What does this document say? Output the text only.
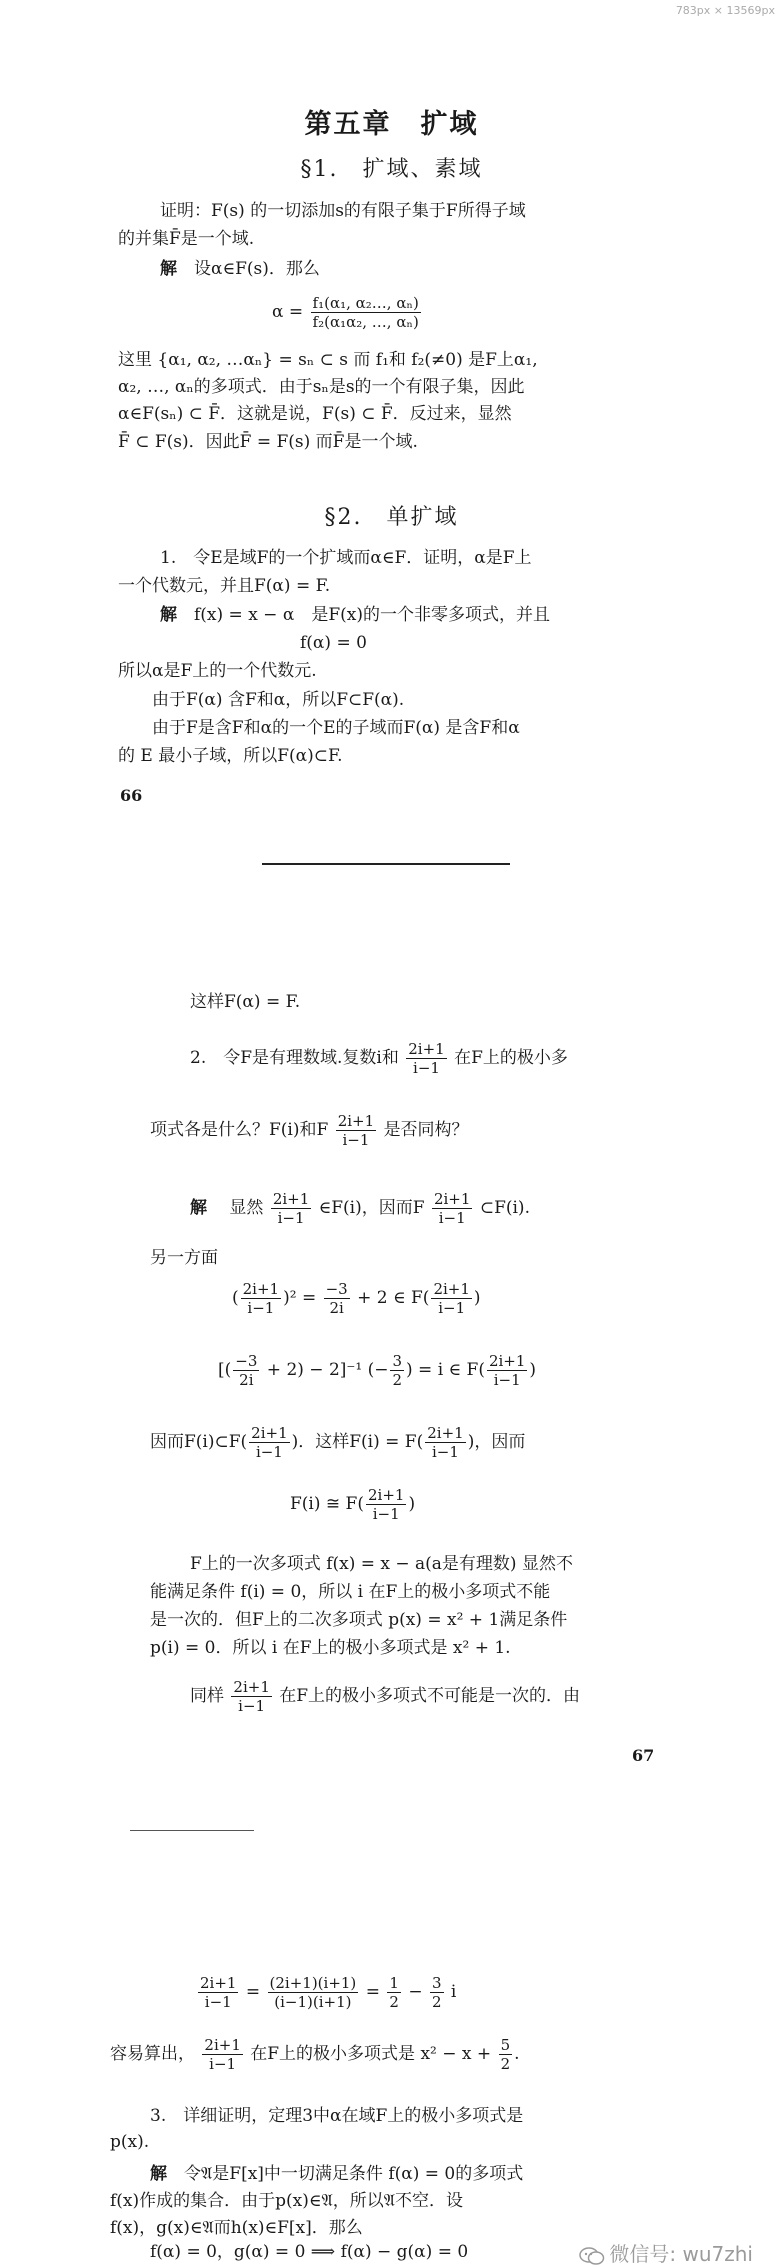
783px × 13569px
第五章　扩域
§1.　扩域、素域
证明：F(s) 的一切添加s的有限子集于F所得子域
的并集F̄是一个域.
解　 设α∈F(s)．那么
$\alpha = \frac{\text{f₁(α₁, α₂…, αₙ)}}{\text{f₂(α₁α₂, …, αₙ)}}$
这里 {α₁, α₂, …αₙ} = sₙ ⊂ s 而 f₁和 f₂(≠0) 是F上α₁,
α₂, …, αₙ的多项式．由于sₙ是s的一个有限子集，因此
α∈F(sₙ) ⊂ F̄．这就是说，F(s) ⊂ F̄．反过来，显然
F̄ ⊂ F(s)．因此F̄ = F(s) 而F̄是一个域.
§2.　单扩域
1.　令E是域F的一个扩域而α∈F．证明，α是F上
一个代数元，并且F(α) = F.
解　 f(x) = x − α　是F(x)的一个非零多项式，并且
f(α) = 0
所以α是F上的一个代数元.
由于F(α) 含F和α，所以F⊂F(α).
由于F是含F和α的一个E的子域而F(α) 是含F和α
的 E 最小子域，所以F(α)⊂F.
66
这样F(α) = F.
2.　令F是有理数域.复数i和 $\frac{2i+1}{i-1}$ 在F上的极小多
项式各是什么？F(i)和F $\frac{2i+1}{i-1}$ 是否同构？
解　 显然 $\frac{2i+1}{i-1}$ ∈F(i)，因而F $\frac{2i+1}{i-1}$ ⊂F(i).
另一方面
( $\frac{2i+1}{i-1} )^2 = \frac{-3}{2i} + 2$ ∈ $F( \frac{2i+1}{i-1}$ )
[( $\frac{-3}{2i} + 2) - 2]^{-1}$ (− $\frac{3}{2}$ ) = i ∈ $F( \frac{2i+1}{i-1}$ )
因而F(i)⊂F( $\frac{2i+1}{i-1}$ )．这样$F(i) = F( \frac{2i+1}{i-1}$ )，因而
F(i) ≅ $F( \frac{2i+1}{i-1}$ )
F上的一次多项式 f(x) = x − a(a是有理数) 显然不
能满足条件 f(i) = 0，所以 i 在F上的极小多项式不能
是一次的．但F上的二次多项式 p(x) = x² + 1满足条件
p(i) = 0．所以 i 在F上的极小多项式是 x² + 1.
同样 $\frac{2i+1}{i-1}$ 在F上的极小多项式不可能是一次的．由
67
$\frac{2i+1}{i-1} = \frac{(2i+1)(i+1)}{(i-1)(i+1)} = \frac{1}{2} - \frac{3}{2}$ i
容易算出， $\frac{2i+1}{i-1}$ 在F上的极小多项式是 $x^2 - x + \frac{5}{2}$ .
3.　详细证明，定理3中α在域F上的极小多项式是
p(x).
解　 令𝔄是F[x]中一切满足条件 f(α) = 0的多项式
f(x)作成的集合．由于p(x)∈𝔄，所以𝔄不空．设
f(x)，g(x)∈𝔄而h(x)∈F[x]．那么
f(α) = 0，g(α) = 0 ⟹ f(α) − g(α) = 0	微信号: wu7zhi
